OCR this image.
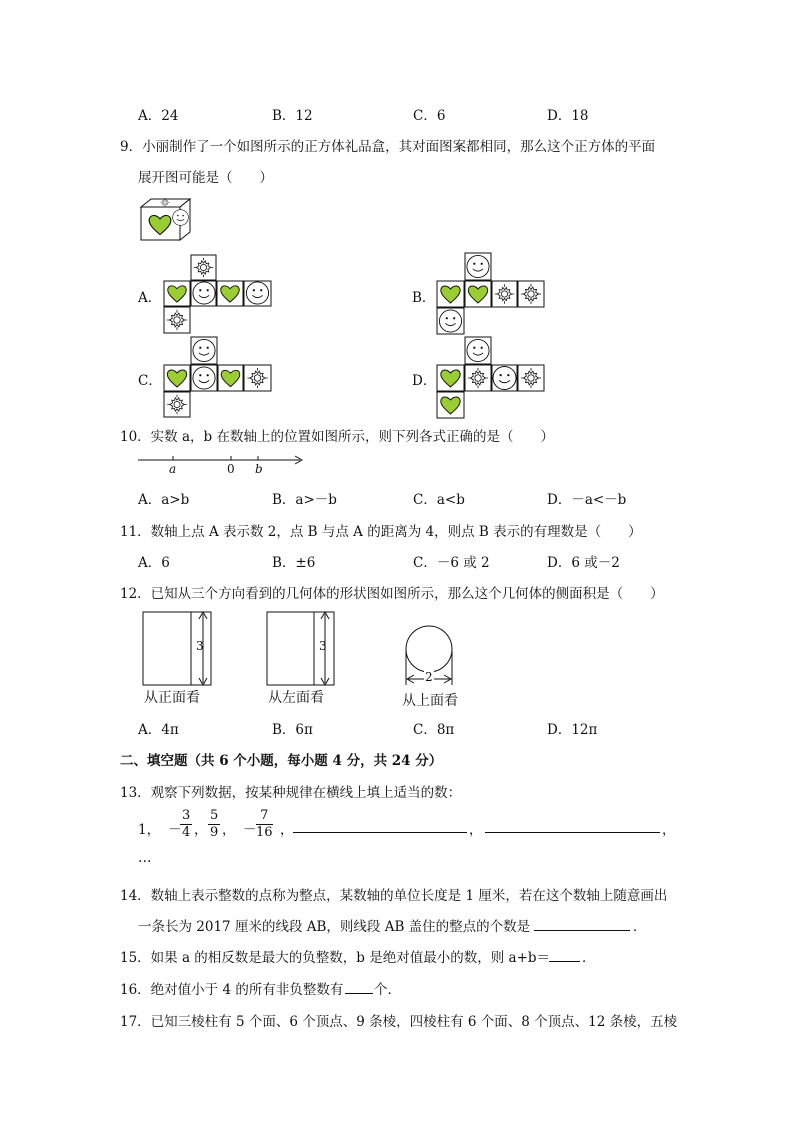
A．24	B．12	C．6	D．18
9．小丽制作了一个如图所示的正方体礼品盒，其对面图案都相同，那么这个正方体的平面
展开图可能是（　　）
A．	B．
C．	D．
10．实数 a，b 在数轴上的位置如图所示，则下列各式正确的是（　　）
a	0 b
A．a>b	B．a>－b	C．a<b	D．－a<－b
11．数轴上点 A 表示数 2，点 B 与点 A 的距离为 4，则点 B 表示的有理数是（　　）
A．6	B．±6	C．－6 或 2	D．6 或－2
12．已知从三个方向看到的几何体的形状图如图所示，那么这个几何体的侧面积是（　　）
3	3
2
从正面看	从左面看	从上面看
A．4π	B．6π	C．8π	D．12π
二、填空题（共 6 个小题，每小题 4 分，共 24 分）
13．观察下列数据，按某种规律在横线上填上适当的数：
1， －
$\frac{3}{4}$ ， $\frac{5}{9}$ ， － $\frac{7}{16}$ ，	，	，
…
14．数轴上表示整数的点称为整点，某数轴的单位长度是 1 厘米，若在这个数轴上随意画出
一条长为 2017 厘米的线段 AB，则线段 AB 盖住的整点的个数是	．
15．如果 a 的相反数是最大的负整数，b 是绝对值最小的数，则 a+b＝ ．
16．绝对值小于 4 的所有非负整数有 个．
17．已知三棱柱有 5 个面、6 个顶点、9 条棱，四棱柱有 6 个面、8 个顶点、12 条棱，五棱
